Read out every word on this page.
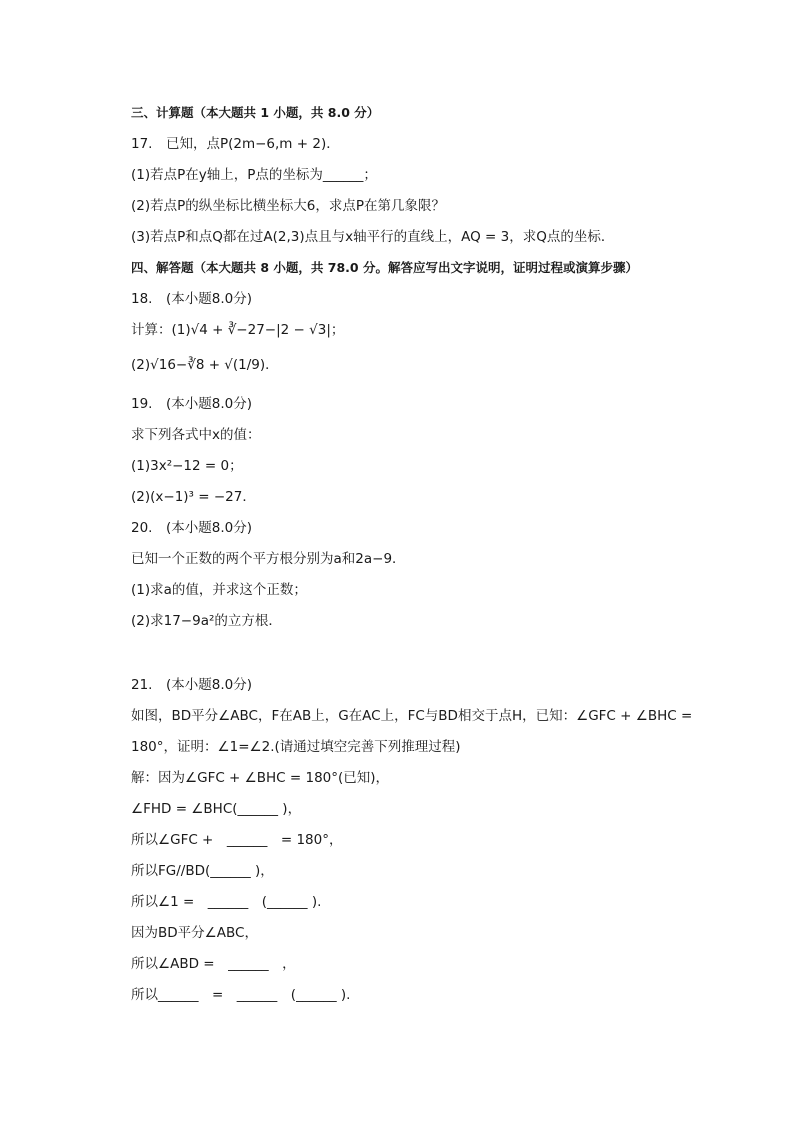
三、计算题（本大题共 1 小题，共 8.0 分）
17.　已知，点P(2m−6,m + 2)．
(1)若点P在y轴上，P点的坐标为______；
(2)若点P的纵坐标比横坐标大6，求点P在第几象限？
(3)若点P和点Q都在过A(2,3)点且与x轴平行的直线上，AQ = 3，求Q点的坐标．
四、解答题（本大题共 8 小题，共 78.0 分。解答应写出文字说明，证明过程或演算步骤）
18.　(本小题8.0分)
计算：(1)√4 + ∛−27−|2 − √3|；
(2)√16−∛8 + √(1/9)．
19.　(本小题8.0分)
求下列各式中x的值：
(1)3x²−12 = 0；
(2)(x−1)³ = −27．
20.　(本小题8.0分)
已知一个正数的两个平方根分别为a和2a−9．
(1)求a的值，并求这个正数；
(2)求17−9a²的立方根．
21.　(本小题8.0分)
如图，BD平分∠ABC，F在AB上，G在AC上，FC与BD相交于点H，已知：∠GFC + ∠BHC =
180°，证明：∠1=∠2.(请通过填空完善下列推理过程)
解：因为∠GFC + ∠BHC = 180°(已知)，
∠FHD = ∠BHC(______ )，
所以∠GFC +　______　= 180°，
所以FG//BD(______ )，
所以∠1 =　______　(______ ).
因为BD平分∠ABC，
所以∠ABD =　______　，
所以______　=　______　(______ ).
